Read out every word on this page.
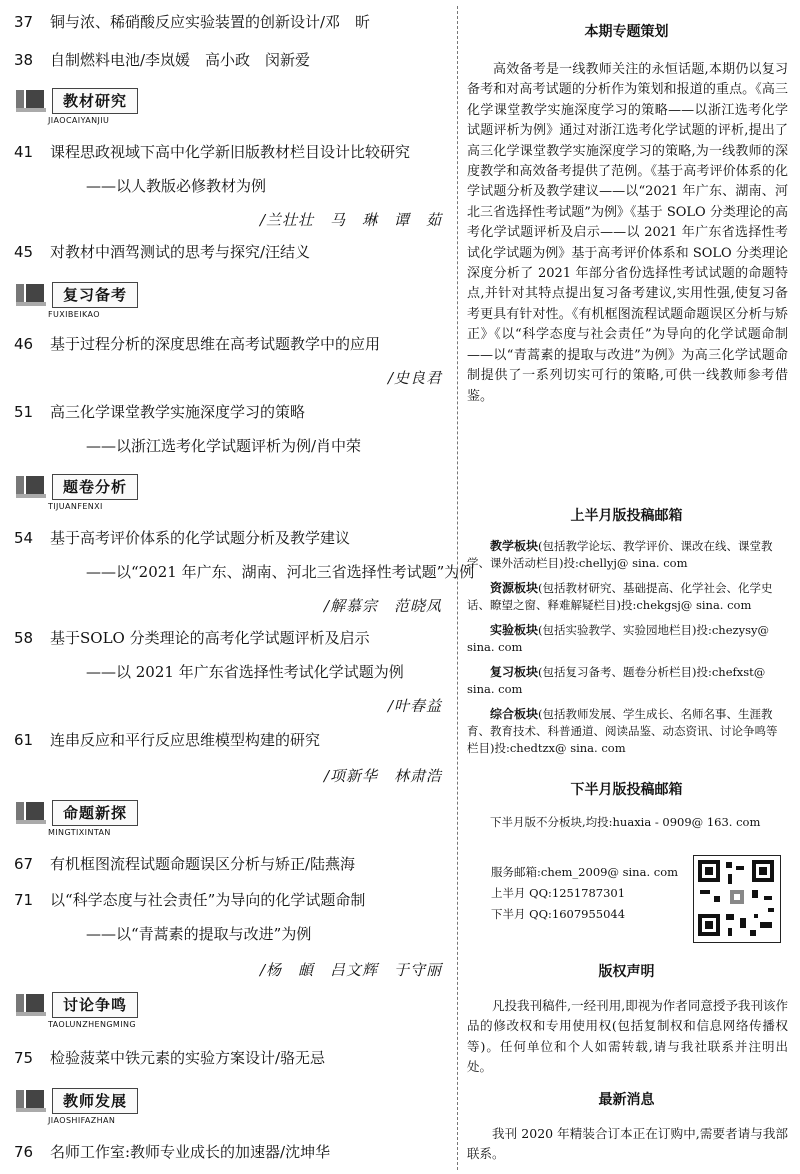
37 铜与浓、稀硝酸反应实验装置的创新设计/邓　昕
38 自制燃料电池/李岚媛　高小政　闵新爱
教材研究
JIAOCAIYANJIU
41 课程思政视域下高中化学新旧版教材栏目设计比较研究
——以人教版必修教材为例
/兰壮壮　马　琳　谭　茹
45 对教材中酒驾测试的思考与探究/汪结义
复习备考
FUXIBEIKAO
46 基于过程分析的深度思维在高考试题教学中的应用
/史良君
51 高三化学课堂教学实施深度学习的策略
——以浙江选考化学试题评析为例/肖中荣
题卷分析
TIJUANFENXI
54 基于高考评价体系的化学试题分析及教学建议
——以“2021 年广东、湖南、河北三省选择性考试题”为例
/解慕宗　范晓凤
58 基于SOLO 分类理论的高考化学试题评析及启示
——以 2021 年广东省选择性考试化学试题为例
/叶春益
61 连串反应和平行反应思维模型构建的研究
/项新华　林肃浩
命题新探
MINGTIXINTAN
67 有机框图流程试题命题误区分析与矫正/陆燕海
71 以“科学态度与社会责任”为导向的化学试题命制
——以“青蒿素的提取与改进”为例
/杨　頔　吕文辉　于守丽
讨论争鸣
TAOLUNZHENGMING
75 检验菠菜中铁元素的实验方案设计/骆无忌
教师发展
JIAOSHIFAZHAN
76 名师工作室:教师专业成长的加速器/沈坤华
本期专题策划
高效备考是一线教师关注的永恒话题,本期仍以复习备考和对高考试题的分析作为策划和报道的重点。《高三化学课堂教学实施深度学习的策略——以浙江选考化学试题评析为例》通过对浙江选考化学试题的评析,提出了高三化学课堂教学实施深度学习的策略,为一线教师的深度教学和高效备考提供了范例。《基于高考评价体系的化学试题分析及教学建议——以“2021 年广东、湖南、河北三省选择性考试题”为例》《基于 SOLO 分类理论的高考化学试题评析及启示——以 2021 年广东省选择性考试化学试题为例》基于高考评价体系和 SOLO 分类理论深度分析了 2021 年部分省份选择性考试试题的命题特点,并针对其特点提出复习备考建议,实用性强,使复习备考更具有针对性。《有机框图流程试题命题误区分析与矫正》《以“科学态度与社会责任”为导向的化学试题命制——以“青蒿素的提取与改进”为例》为高三化学试题命制提供了一系列切实可行的策略,可供一线教师参考借鉴。
上半月版投稿邮箱
教学板块(包括教学论坛、教学评价、课改在线、课堂教学、课外活动栏目)投:chellyj@ sina. com
资源板块(包括教材研究、基础提高、化学社会、化学史话、瞭望之窗、释难解疑栏目)投:chekgsj@ sina. com
实验板块(包括实验教学、实验园地栏目)投:chezysy@ sina. com
复习板块(包括复习备考、题卷分析栏目)投:chefxst@ sina. com
综合板块(包括教师发展、学生成长、名师名事、生涯教育、教育技术、科普通道、阅读品鉴、动态资讯、讨论争鸣等栏目)投:chedtzx@ sina. com
下半月版投稿邮箱
下半月版不分板块,均投:huaxia - 0909@ 163. com
服务邮箱:chem_2009@ sina. com
上半月 QQ:1251787301
下半月 QQ:1607955044
版权声明
凡投我刊稿件,一经刊用,即视为作者同意授予我刊该作品的修改权和专用使用权(包括复制权和信息网络传播权等)。任何单位和个人如需转载,请与我社联系并注明出处。
最新消息
我刊 2020 年精装合订本正在订购中,需要者请与我部联系。
